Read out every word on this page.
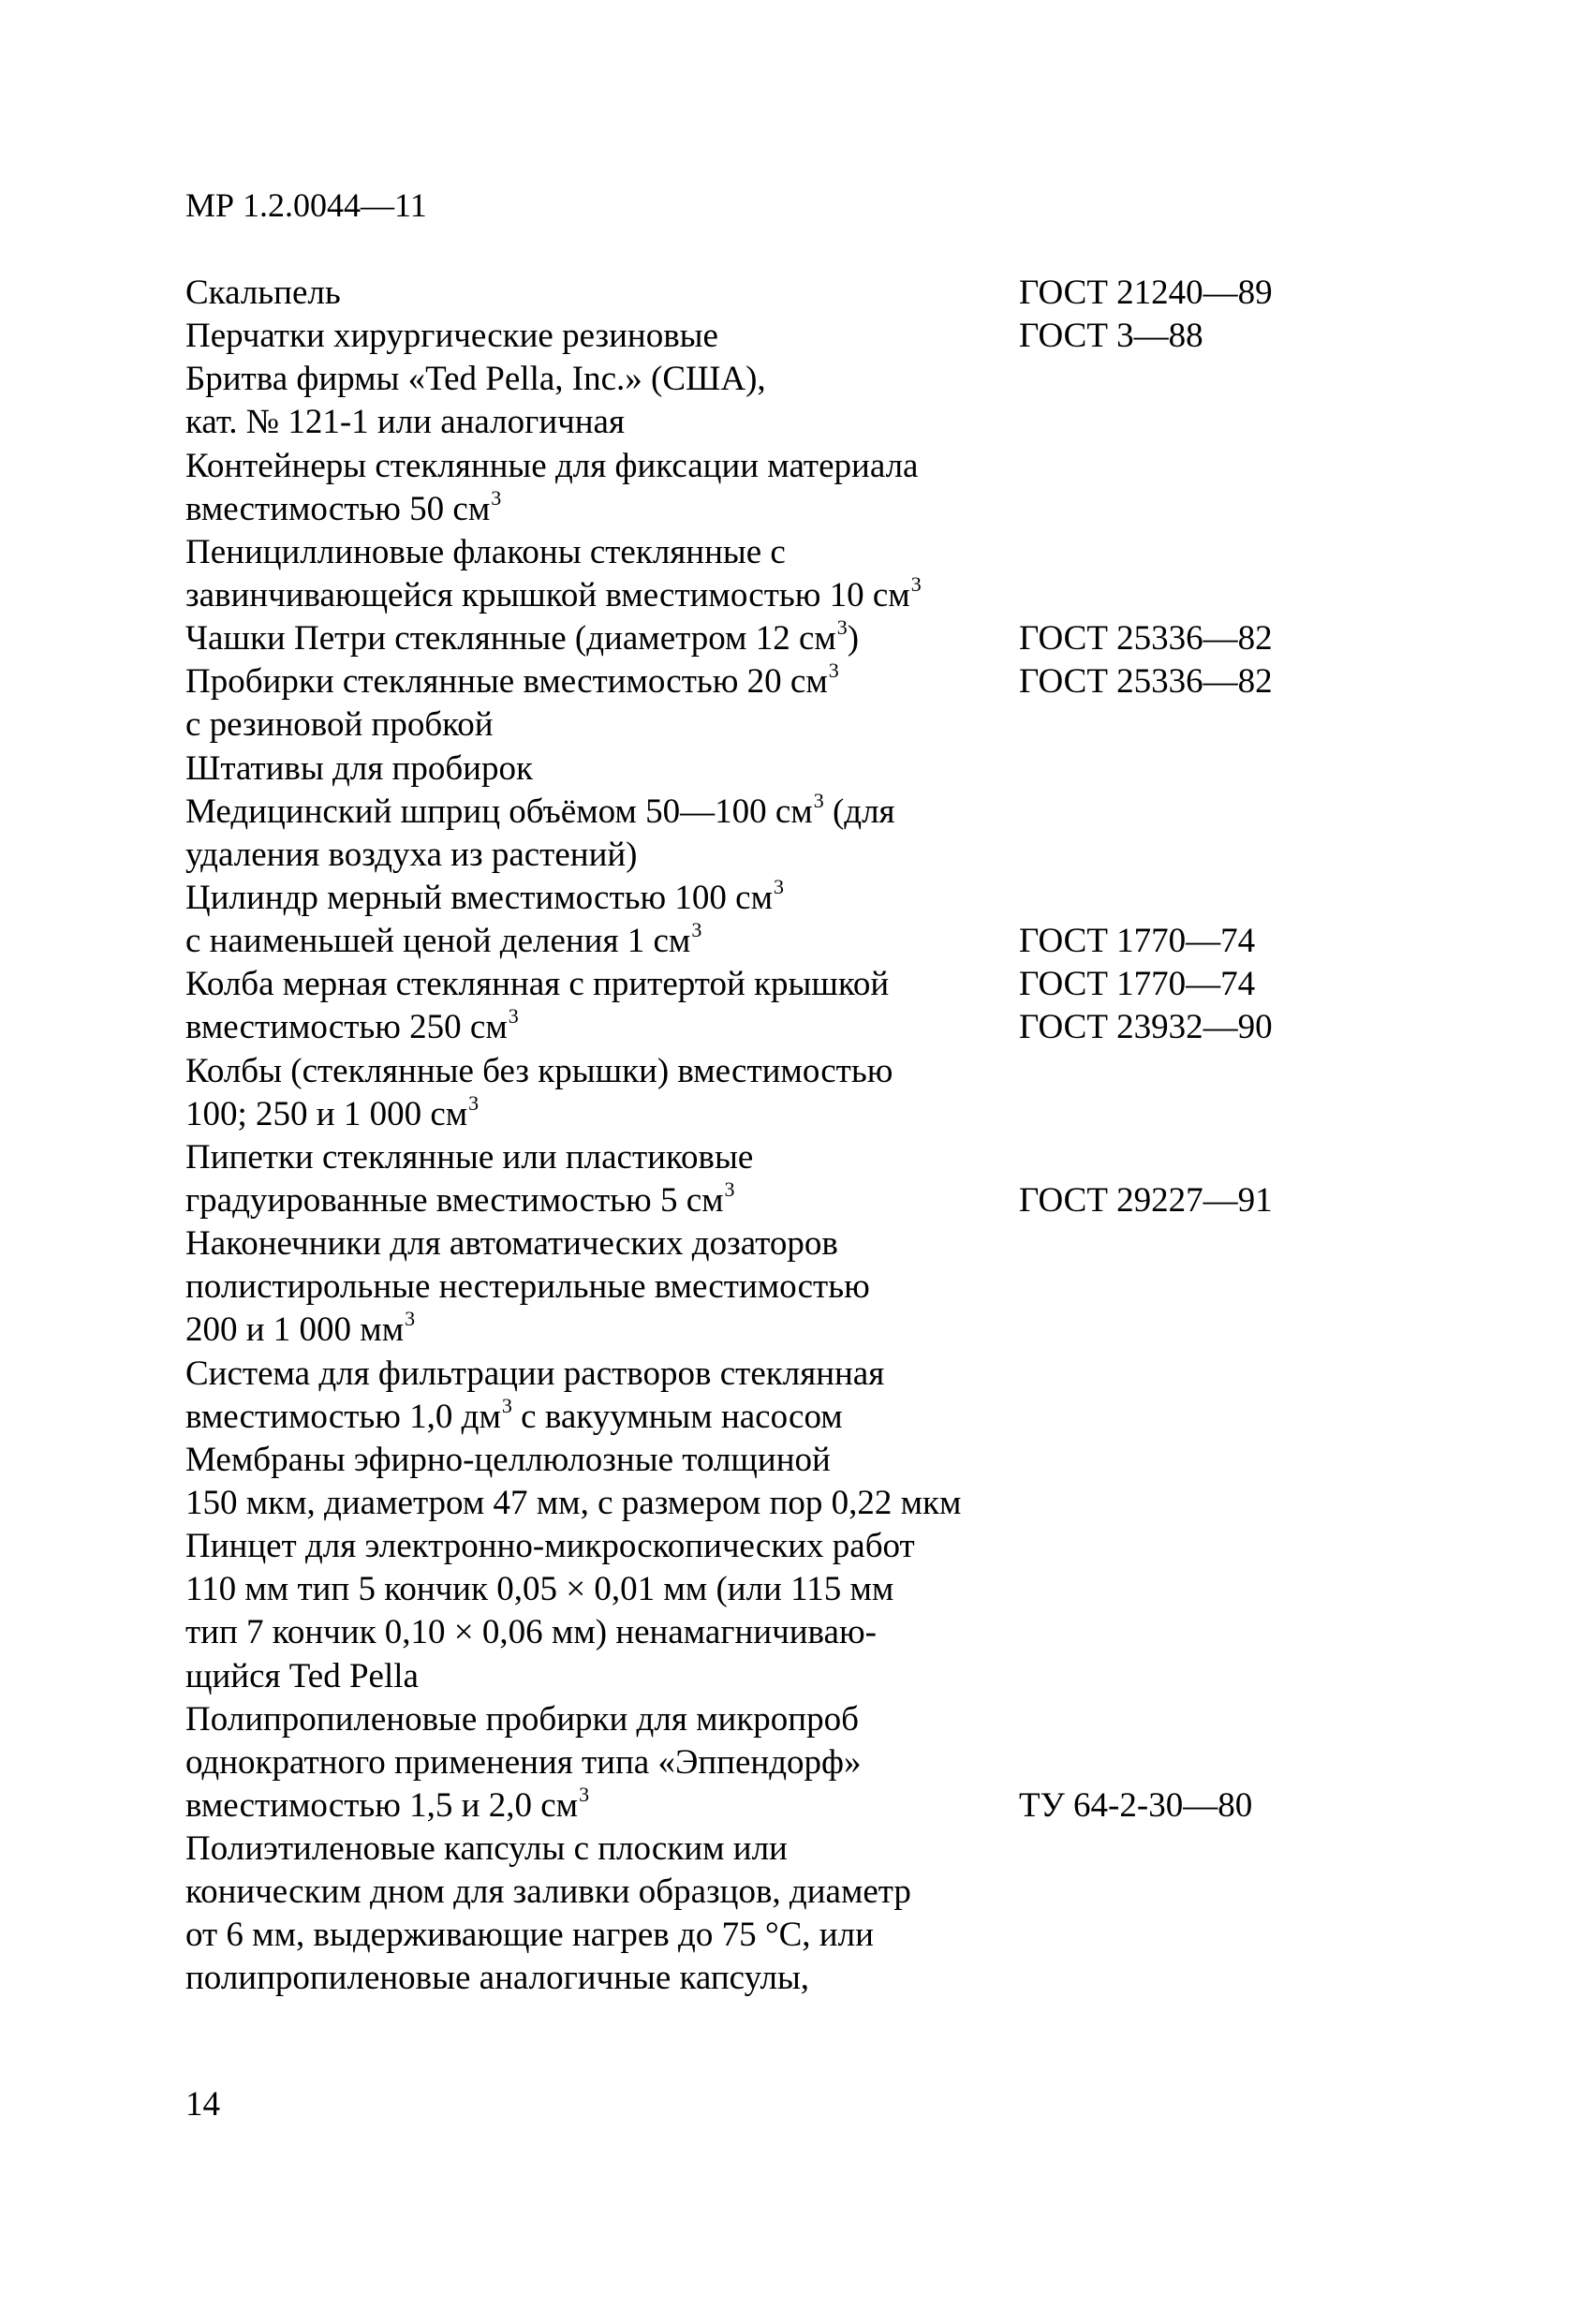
МР 1.2.0044—11
Скальпель	ГОСТ 21240—89
Перчатки хирургические резиновые	ГОСТ 3—88
Бритва фирмы «Ted Pella, Inc.» (США),
кат. № 121-1 или аналогичная
Контейнеры стеклянные для фиксации материала
вместимостью 50 $см^3$
Пенициллиновые флаконы стеклянные с
завинчивающейся крышкой вместимостью 10 $см^3$
Чашки Петри стеклянные (диаметром 12 $см^3$)	ГОСТ 25336—82
Пробирки стеклянные вместимостью 20 $см^3$	ГОСТ 25336—82
с резиновой пробкой
Штативы для пробирок
Медицинский шприц объёмом 50—100 $см^3$ (для
удаления воздуха из растений)
Цилиндр мерный вместимостью 100 $см^3$
с наименьшей ценой деления 1 $см^3$	ГОСТ 1770—74
Колба мерная стеклянная с притертой крышкой	ГОСТ 1770—74
вместимостью 250 $см^3$	ГОСТ 23932—90
Колбы (стеклянные без крышки) вместимостью
100; 250 и 1 000 $см^3$
Пипетки стеклянные или пластиковые
градуированные вместимостью 5 $см^3$	ГОСТ 29227—91
Наконечники для автоматических дозаторов
полистирольные нестерильные вместимостью
200 и 1 000 $мм^3$
Система для фильтрации растворов стеклянная
вместимостью 1,0 $дм^3$ с вакуумным насосом
Мембраны эфирно-целлюлозные толщиной
150 мкм, диаметром 47 мм, с размером пор 0,22 мкм
Пинцет для электронно-микроскопических работ
110 мм тип 5 кончик 0,05 × 0,01 мм (или 115 мм
тип 7 кончик 0,10 × 0,06 мм) ненамагничиваю-
щийся Ted Pella
Полипропиленовые пробирки для микропроб
однократного применения типа «Эппендорф»
вместимостью 1,5 и 2,0 $см^3$	ТУ 64-2-30—80
Полиэтиленовые капсулы с плоским или
коническим дном для заливки образцов, диаметр
от 6 мм, выдерживающие нагрев до 75 °С, или
полипропиленовые аналогичные капсулы,
14
